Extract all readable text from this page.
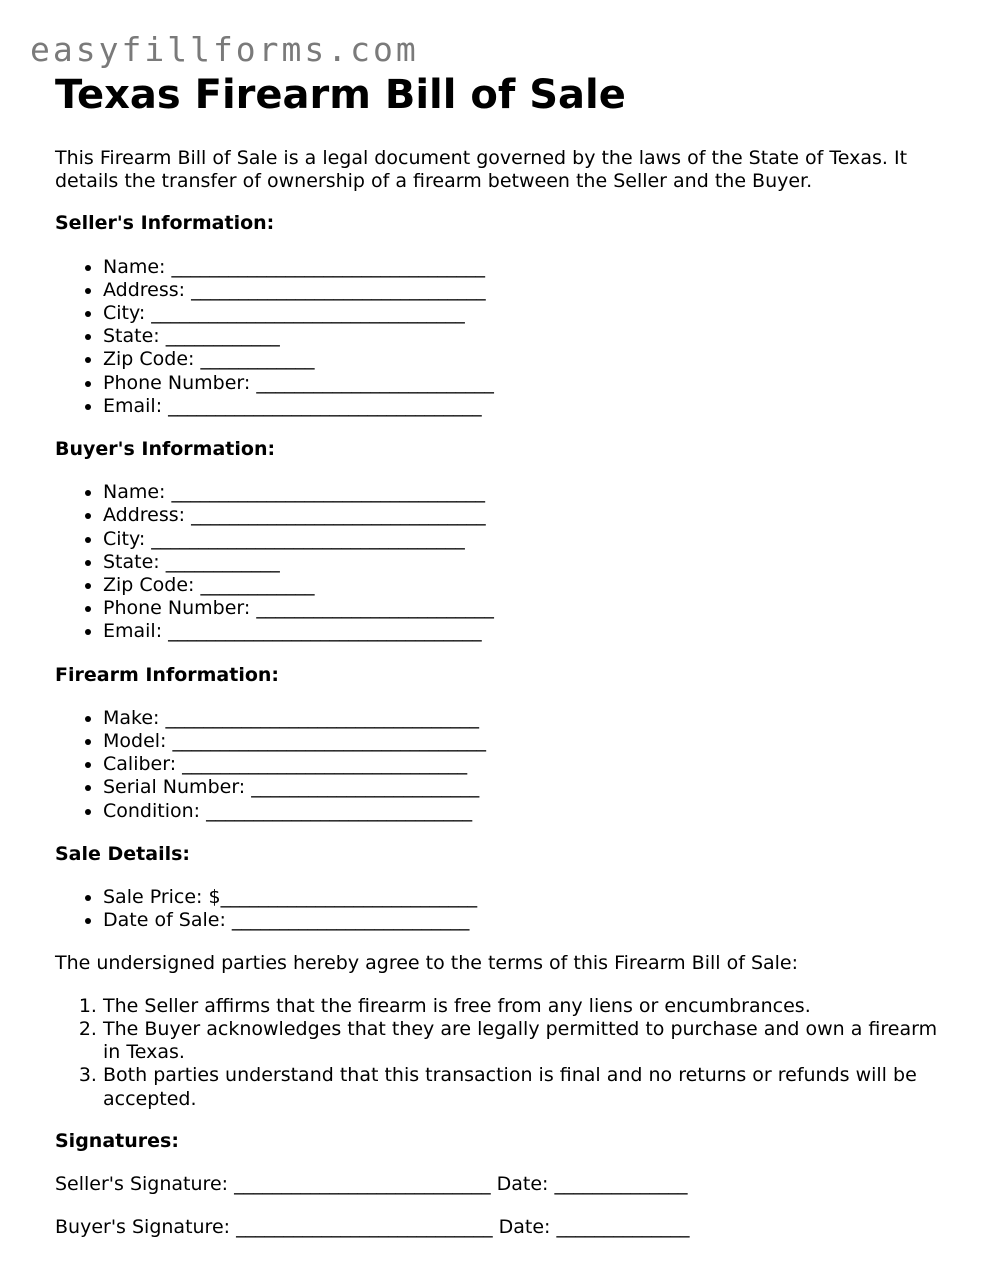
easyfillforms.com
Texas Firearm Bill of Sale

This Firearm Bill of Sale is a legal document governed by the laws of the State of Texas. It details the transfer of ownership of a firearm between the Seller and the Buyer.

Seller's Information:
• Name: _________________________________
• Address: _______________________________
• City: _________________________________
• State: ____________
• Zip Code: ____________
• Phone Number: _________________________
• Email: _________________________________
Buyer's Information:
• Name: _________________________________
• Address: _______________________________
• City: _________________________________
• State: ____________
• Zip Code: ____________
• Phone Number: _________________________
• Email: _________________________________
Firearm Information:
• Make: _________________________________
• Model: _________________________________
• Caliber: ______________________________
• Serial Number: ________________________
• Condition: ____________________________
Sale Details:
• Sale Price: $___________________________
• Date of Sale: _________________________

The undersigned parties hereby agree to the terms of this Firearm Bill of Sale:

1. The Seller affirms that the firearm is free from any liens or encumbrances.
2. The Buyer acknowledges that they are legally permitted to purchase and own a firearm in Texas.
3. Both parties understand that this transaction is final and no returns or refunds will be accepted.
Signatures:

Seller's Signature: ___________________________ Date: ______________

Buyer's Signature: ___________________________ Date: ______________
